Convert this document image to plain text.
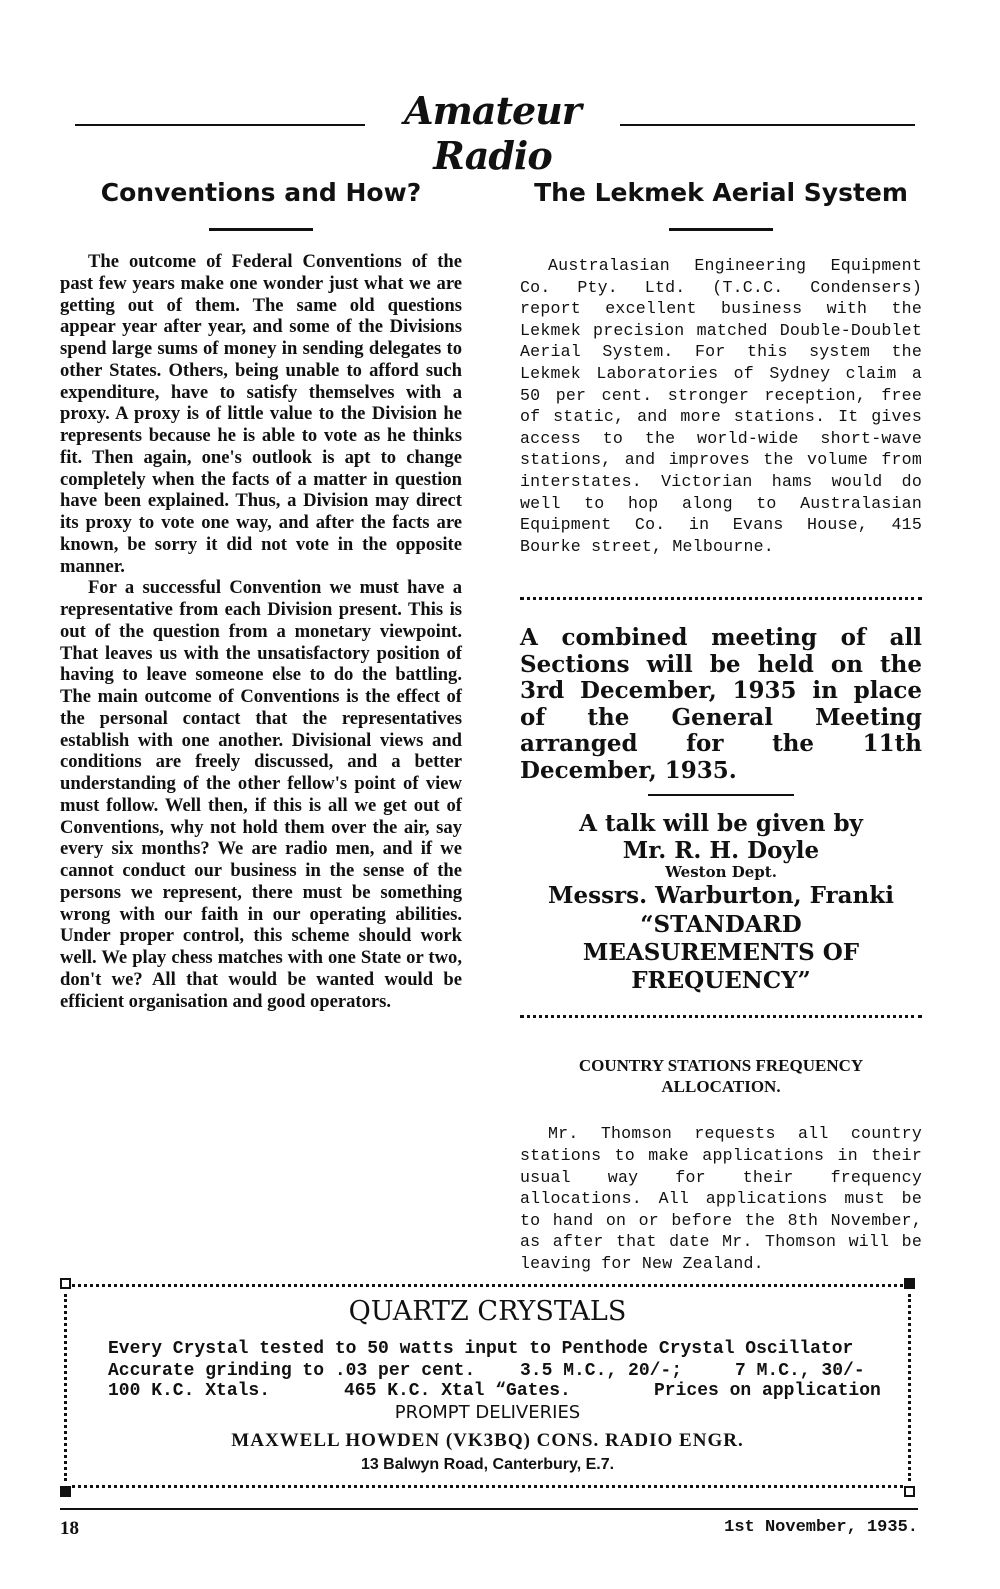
Amateur Radio
Conventions and How?

The outcome of Federal Conventions of the past few years make one wonder just what we are getting out of them. The same old questions appear year after year, and some of the Divisions spend large sums of money in sending delegates to other States. Others, being unable to afford such expenditure, have to satisfy themselves with a proxy. A proxy is of little value to the Division he represents because he is able to vote as he thinks fit. Then again, one's outlook is apt to change completely when the facts of a matter in question have been explained. Thus, a Division may direct its proxy to vote one way, and after the facts are known, be sorry it did not vote in the opposite manner.

For a successful Convention we must have a representative from each Division present. This is out of the question from a monetary viewpoint. That leaves us with the unsatisfactory position of having to leave someone else to do the battling. The main outcome of Conventions is the effect of the personal contact that the representatives establish with one another. Divisional views and conditions are freely discussed, and a better understanding of the other fellow's point of view must follow. Well then, if this is all we get out of Conventions, why not hold them over the air, say every six months? We are radio men, and if we cannot conduct our business in the sense of the persons we represent, there must be something wrong with our faith in our operating abilities. Under proper control, this scheme should work well. We play chess matches with one State or two, don't we? All that would be wanted would be efficient organisation and good operators.

The Lekmek Aerial System

Australasian Engineering Equipment Co. Pty. Ltd. (T.C.C. Condensers) report excellent business with the Lekmek precision matched Double-Doublet Aerial System. For this system the Lekmek Laboratories of Sydney claim a 50 per cent. stronger reception, free of static, and more stations. It gives access to the world-wide short-wave stations, and improves the volume from interstates. Victorian hams would do well to hop along to Australasian Equipment Co. in Evans House, 415 Bourke street, Melbourne.

A combined meeting of all Sections will be held on the 3rd December, 1935 in place of the General Meeting arranged for the 11th December, 1935.

A talk will be given by

Mr. R. H. Doyle

Weston Dept.

Messrs. Warburton, Franki

“STANDARD

MEASUREMENTS OF

FREQUENCY”

COUNTRY STATIONS FREQUENCY

ALLOCATION.

Mr. Thomson requests all country stations to make applications in their usual way for their frequency allocations. All applications must be to hand on or before the 8th November, as after that date Mr. Thomson will be leaving for New Zealand.

QUARTZ CRYSTALS
Every Crystal tested to 50 watts input to Penthode Crystal Oscillator
Accurate grinding to .03 per cent. 3.5 M.C., 20/-;	7 M.C., 30/-
100 K.C. Xtals.	465 K.C. Xtal “Gates.	Prices on application
PROMPT DELIVERIES
MAXWELL HOWDEN (VK3BQ) CONS. RADIO ENGR.
13 Balwyn Road, Canterbury, E.7.
18	1st November, 1935.
